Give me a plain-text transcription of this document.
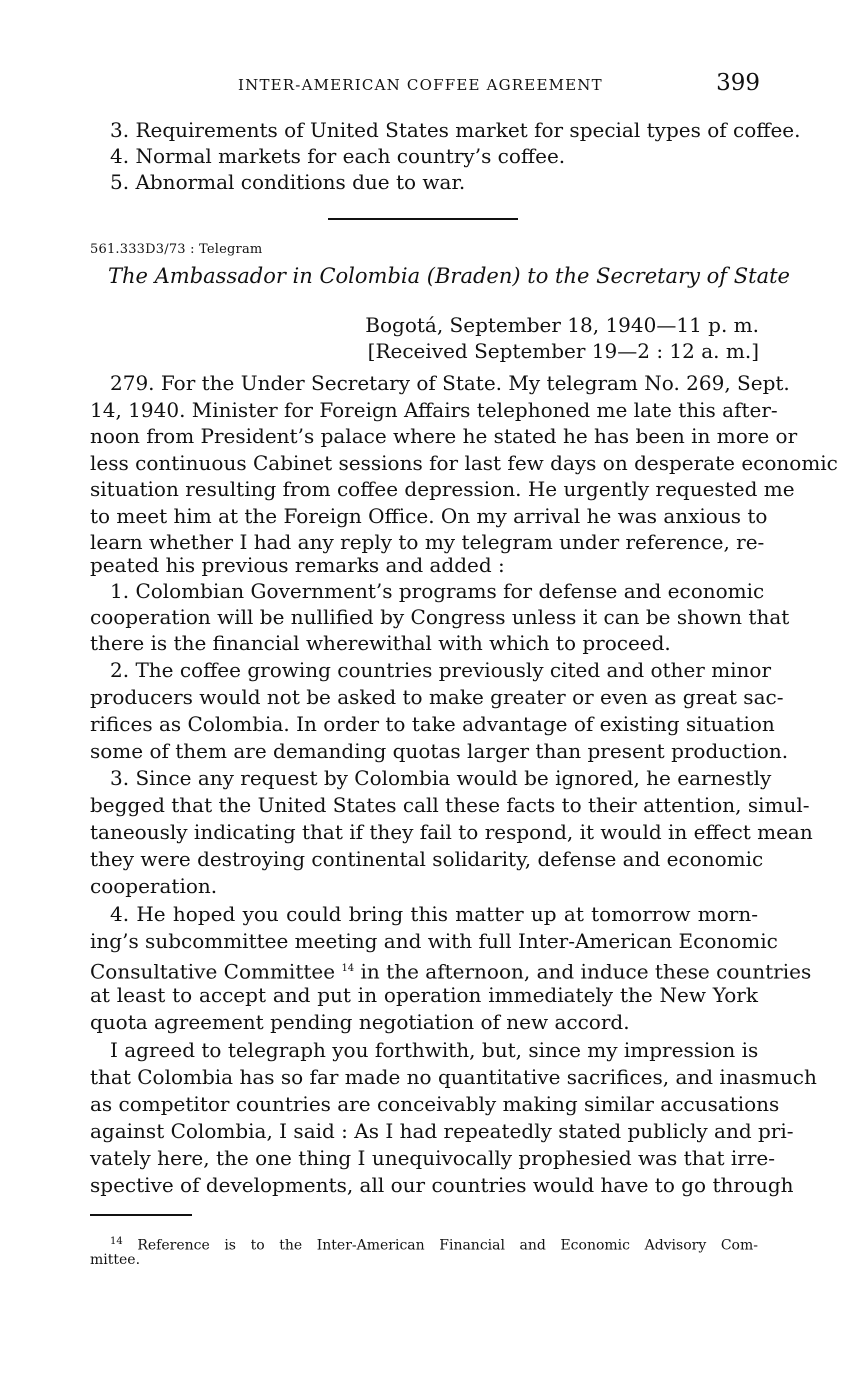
INTER-AMERICAN COFFEE AGREEMENT	399
3. Requirements of United States market for special types of coffee.
4. Normal markets for each country’s coffee.
5. Abnormal conditions due to war.
561.333D3/73 : Telegram
The Ambassador in Colombia (Braden) to the Secretary of State
Bogotá, September 18, 1940—11 p. m.
[Received September 19—2 : 12 a. m.]
279. For the Under Secretary of State. My telegram No. 269, Sept.
14, 1940. Minister for Foreign Affairs telephoned me late this after-
noon from President’s palace where he stated he has been in more or
less continuous Cabinet sessions for last few days on desperate economic
situation resulting from coffee depression. He urgently requested me
to meet him at the Foreign Office. On my arrival he was anxious to
learn whether I had any reply to my telegram under reference, re-
peated his previous remarks and added :
1. Colombian Government’s programs for defense and economic
cooperation will be nullified by Congress unless it can be shown that
there is the financial wherewithal with which to proceed.
2. The coffee growing countries previously cited and other minor
producers would not be asked to make greater or even as great sac-
rifices as Colombia. In order to take advantage of existing situation
some of them are demanding quotas larger than present production.
3. Since any request by Colombia would be ignored, he earnestly
begged that the United States call these facts to their attention, simul-
taneously indicating that if they fail to respond, it would in effect mean
they were destroying continental solidarity, defense and economic
cooperation.
4. He hoped you could bring this matter up at tomorrow morn-
ing’s subcommittee meeting and with full Inter-American Economic
Consultative Committee $^{14}$ in the afternoon, and induce these countries
at least to accept and put in operation immediately the New York
quota agreement pending negotiation of new accord.
I agreed to telegraph you forthwith, but, since my impression is
that Colombia has so far made no quantitative sacrifices, and inasmuch
as competitor countries are conceivably making similar accusations
against Colombia, I said : As I had repeatedly stated publicly and pri-
vately here, the one thing I unequivocally prophesied was that irre-
spective of developments, all our countries would have to go through
$^{14}$ Reference is to the Inter-American Financial and Economic Advisory Com-
mittee.
